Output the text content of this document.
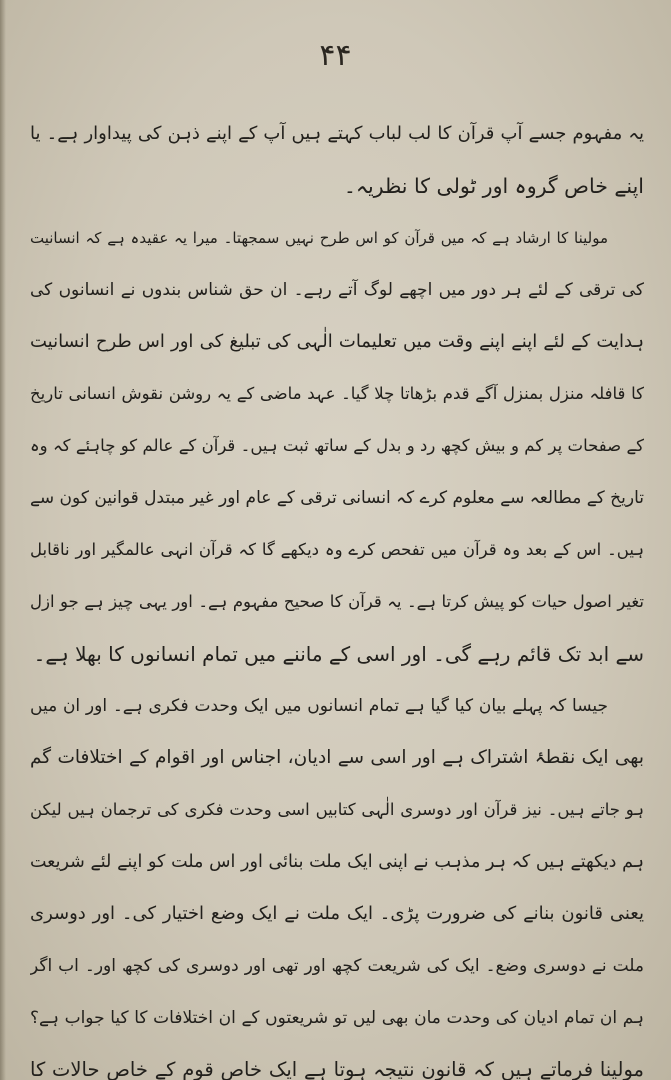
۴۴
یہ مفہوم جسے آپ قرآن کا لب لباب کہتے ہیں آپ کے اپنے ذہن کی پیداوار ہے۔ یا
اپنے خاص گروہ اور ٹولی کا نظریہ۔
مولینا کا ارشاد ہے کہ میں قرآن کو اس طرح نہیں سمجھتا۔ میرا یہ عقیدہ ہے کہ انسانیت
کی ترقی کے لئے ہر دور میں اچھے لوگ آتے رہے۔ ان حق شناس بندوں نے انسانوں کی
ہدایت کے لئے اپنے اپنے وقت میں تعلیمات الٰہی کی تبلیغ کی اور اس طرح انسانیت
کا قافلہ منزل بمنزل آگے قدم بڑھاتا چلا گیا۔ عہد ماضی کے یہ روشن نقوش انسانی تاریخ
کے صفحات پر کم و بیش کچھ رد و بدل کے ساتھ ثبت ہیں۔ قرآن کے عالم کو چاہئے کہ وہ
تاریخ کے مطالعہ سے معلوم کرے کہ انسانی ترقی کے عام اور غیر مبتدل قوانین کون سے
ہیں۔ اس کے بعد وہ قرآن میں تفحص کرے وہ دیکھے گا کہ قرآن انہی عالمگیر اور ناقابل
تغیر اصول حیات کو پیش کرتا ہے۔ یہ قرآن کا صحیح مفہوم ہے۔ اور یہی چیز ہے جو ازل
سے ابد تک قائم رہے گی۔ اور اسی کے ماننے میں تمام انسانوں کا بھلا ہے۔
جیسا کہ پہلے بیان کیا گیا ہے تمام انسانوں میں ایک وحدت فکری ہے۔ اور ان میں
بھی ایک نقطۂ اشتراک ہے اور اسی سے ادیان، اجناس اور اقوام کے اختلافات گم
ہو جاتے ہیں۔ نیز قرآن اور دوسری الٰہی کتابیں اسی وحدت فکری کی ترجمان ہیں لیکن
ہم دیکھتے ہیں کہ ہر مذہب نے اپنی ایک ملت بنائی اور اس ملت کو اپنے لئے شریعت
یعنی قانون بنانے کی ضرورت پڑی۔ ایک ملت نے ایک وضع اختیار کی۔ اور دوسری
ملت نے دوسری وضع۔ ایک کی شریعت کچھ اور تھی اور دوسری کی کچھ اور۔ اب اگر
ہم ان تمام ادیان کی وحدت مان بھی لیں تو شریعتوں کے ان اختلافات کا کیا جواب ہے؟
مولینا فرماتے ہیں کہ قانون نتیجہ ہوتا ہے ایک خاص قوم کے خاص حالات کا
